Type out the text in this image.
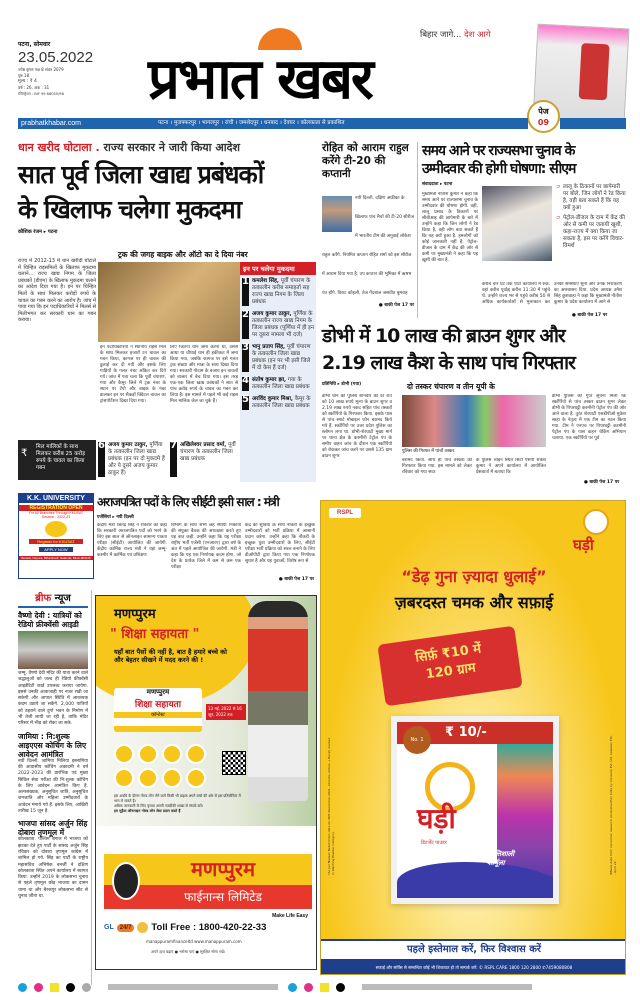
पटना, सोमवार
23.05.2022
ज्येष्ठ कृष्ण पक्ष 8 संवत 2079
पृष्ठ 18
मूल्य : ₹ 4
वर्ष : 26, अंक : 31
रजिस्ट्रेशन : BIF 99 66055/96	प्रभात खबर
बिहार जागे... देश आगे
पेज
09
prabhatkhabar.com	पटना । मुजफ्फरपुर । भागलपुर । रांची । जमशेदपुर । धनबाद । देवघर । कोलकाता से प्रकाशित
धान खरीद घोटाला . राज्य सरकार ने जारी किया आदेश
सात पूर्व जिला खाद्य प्रबंधकों
के खिलाफ चलेगा मुकदमा
कौशिक रंजन ▸ पटना
राज्य में 2012-13 में धान खरीदी घोटाले में चिन्हित राइसमिलों के खिलाफ मुकदमा चलाने... राज्य खाद्य निगम के जिला प्रबंधकों (डीएम) के खिलाफ मुकदमा चलाने का आदेश दिया गया है। इन पर चिन्हित मिलों के साथ मिलकर करोड़ों रुपये के चावल का गबन करने का आरोप है। जांच में पाया गया कि इन पदाधिकारियों ने मिलर्स से मिलीभगत कर सरकारी धान का गबन कराया।
ट्रक की जगह बाइक और ऑटो का दे दिया नंबर
इन पदाधिकारियों ने स्थानीय राइस मिल के साथ मिलकर हजारों टन चावल का गबन किया, कागज पर ही चावल की ढुलाई कर दी गयी और इसके लिए गाड़ियों के गलत नंबर अंकित कर दिये गये। जांच में पता चला कि पूर्वी चंपारण, गया और कैमूर जिले में ट्रक नंबर के स्थान पर टेंपो और बाइक के नंबर डालकर इन पर सैकड़ों क्विंटल चावल का ट्रांसपोर्टेशन दिखा दिया गया।
लिए जितना धान जमा करना था, उससे आधा या चौथाई धान ही हकीकत में जमा किया गया, जबकि कागज पर इसे गलत ट्रक संख्या और मात्रा के साथ दिखा दिया गया। सरकारी गोदाम के बजाय इन चावलों को बाजार में बेच दिया गया। इस तरह एक-एक जिला खाद्य प्रबंधकों ने सात से पांच करोड़ रुपये के चावल का गबन कर लिया है। इस मामले में पहले भी कई राइस मिल मालिक जेल जा चुके हैं।
इन पर चलेगा मुकदमा
1 कमलेश सिंह, पूर्वी चंपारण के तत्कालीन करीब समाहर्ता सह राज्य खाद्य निगम के जिला प्रबंधक
2 अजय कुमार ठाकुर, पूर्णिया के तत्कालीन राज्य खाद्य निगम के जिला प्रबंधक (पूर्णिया में ही इन पर दूसरा मामला भी दर्ज)
3 भानु प्रताप सिंह, पूर्वी चंपारण के तत्कालीन जिला खाद्य प्रबंधक (इन पर भी इसी जिले में दो केस हैं दर्ज)
4 संतोष कुमार झा, गया के तत्कालीन जिला खाद्य प्रबंधक
5 अरविंद कुमार मिश्रा, कैमूर के तत्कालीन जिला खाद्य प्रबंधक
6 अजय कुमार ठाकुर, पूर्णिया के तत्कालीन जिला खाद्य प्रबंधक (इन पर दो मुकदमे हैं और ये दूसरे अजय कुमार ठाकुर हैं)
7 अखिलेश्वर प्रसाद वर्मा, पूर्वी चंपारण के तत्कालीन जिला खाद्य प्रबंधक
₹
मिल मालिकों के साथ मिलकर करीब 25 करोड़ रुपये के चावल का किया गबन
रोहित को आराम राहुल करेंगे टी-20 की कप्तानी
नयी दिल्ली. दक्षिण अफ्रीका के खिलाफ पांच मैचों की टी-20 सीरीज में भारतीय टीम की अगुवाई लोकेश राहुल करेंगे. नियमित कप्तान रोहित शर्मा को इस सीरीज में आराम दिया गया है. उप कप्तान की भूमिका में ऋषभ पंत होंगे. विराट कोहली, तेज गेंदबाज जसप्रीत बुमराह
● बाकी पेज 17 पर
समय आने पर राज्यसभा चुनाव के
उम्मीदवार की होगी घोषणा: सीएम
संवाददाता ▸ पटना
मुख्यमंत्री नीतीश कुमार ने कहा कि समय आने पर राज्यसभा चुनाव के उम्मीदवार की घोषणा होगी. वहीं, लालू प्रसाद के ठिकानों पर सीबीआइ की छापेमारी के बारे में उन्होंने कहा कि जिन लोगों ने रेड किया है, वही लोग बता सकते हैं कि यह क्यों हुआ है. हमलोगों को कोई जानकारी नहीं है. पेट्रोल-डीजल के दाम में केंद्र की ओर से कमी पर मुख्यमंत्री ने कहा कि यह खुशी की बात है.
⊃ लालू के ठिकानों पर छापेमारी पर बोले, जिन लोगों ने रेड किया है, वही बता सकते हैं कि यह क्यों हुआ
⊃ पेट्रोल-डीजल के दाम में केंद्र की ओर से कमी पर जतायी खुशी, कहा-राज्य में क्या किया जा सकता है, इस पर करेंगे विचार-विमर्श
करीब चार घंटे तक पार्टी कार्यालय में रुके. वहां करीब पूर्वाह्न करीब 11:30 में पहुंचे थे. उन्होंने राज्य भर से पहुंचे करीब 50 से अधिक कार्यकर्ताओं से मुलाकात कर उनकी समस्याएं सुनी और उनके निराकरण का आश्वासन दिया. प्रदेश अध्यक्ष उमेश सिंह कुशवाहा ने कहा कि मुख्यमंत्री नीतीश कुमार के प्रदेश कार्यालय में आने से
● बाकी पेज 17 पर
डोभी में 10 लाख की ब्राउन शुगर और
2.19 लाख कैश के साथ पांच गिरफ्तार
प्रतिनिधि ▸ डोभी (गया)	दो तस्कर चंपारण व तीन यूपी के
डोभी थाने की पुलिस शनिवार की देर रात को 10 लाख रुपये मूल्य के ब्राउन शुगर व 2.19 लाख रुपये नकद सहित पांच तस्करों को स्कॉर्पियो के गिरफ्तार किया. इसके पास से पांच स्मार्ट मोबाइल फोन बरामद किये गये हैं. स्कॉर्पियो पर उत्तर प्रदेश पुलिस का स्लोगन लगा था. डोभी-शेरघाटी मुख्य मार्ग पर थाना क्षेत्र के करमौनी टेट्रोल पंप के समीप वाहन जांच के दौरान एक स्कॉर्पियो को रोककर जांच करने पर उससे 135 ग्राम ब्राउन शुगर
पुलिस की गिरफ्त में पांचों तस्कर.
बरामद किया. साथ ही पांच तस्करों को गिरफ्तार किया गया. इस मामले को लेकर रविवार को गया सदर
के पुलिस लाइन स्थित सिटी एसपी राकेश कुमार ने अपने कार्यालय में आयोजित प्रेसवार्ता में बताया कि
डोभी पुलिस को गुप्त सूचना मिली कि स्कॉर्पियो से पांच तस्कर ब्राउन शुगर लेकर डोभी के पिपरघट्टी करमौनी पेट्रोल पंप की ओर आने वाला है. तुरंत शेरघाटी एसडीपीओ मुकेश साहा के नेतृत्व में एक टीम का गठन किया गया. टीम ने एनएच पर पिपरघट्टी करमौनी पेट्रोल पंप के पास वाहन चेकिंग अभियान चलाया. एक स्कॉर्पियो पर पूर्व
● बाकी पेज 17 पर
K.K. UNIVERSITY
REGISTRATION OPEN
For All Branches Through KKUSAT
Session : 2022-23
Register for KKUSAT
APPLY NOW
Berauti, Nepura, Biharsharif, Nalanda, Bihar-803115
अराजपत्रित पदों के लिए सीईटी इसी साल : मंत्री
एजेंसियां ▸ नयी दिल्ली
केंद्रीय मंत्री जितेंद्र सिंह ने रविवार को कहा कि सरकारी अराजपत्रित पदों को भरने के लिए इस साल से ऑनलाइन सामान्य पात्रता परीक्षा (सीईटी) आयोजित की जायेगी. केंद्रीय कार्मिक राज्य मंत्री ने यहां जम्मू-कश्मीर में कार्मिक एवं प्रशिक्षण
विभाग के साथ सभी छह स्थायी निकायों की संयुक्त बैठक की अध्यक्षता करते हुए यह बात कही. उन्होंने कहा कि यह परीक्षा राष्ट्रीय भर्ती एजेंसी (एनआरए) द्वारा वर्ष के अंत में पहले आयोजित की जायेगी. मंत्री ने कहा कि यह एक निर्णायक कदम होगा, जो देश के प्रत्येक जिले में कम से कम एक परीक्षा
केंद्र की सुविधा के साथ नौकरी के इच्छुक उम्मीदवारों को भर्ती प्रक्रिया में आसानी प्रदान करेगा. उन्होंने कहा कि नौकरी के इच्छुक युवा उम्मीदवारों के लिए, सीईटी परीक्षा भर्ती प्रक्रिया को सरल बनाने के लिए डीओपीटी द्वारा किया गया एक निर्णायक सुधार है और यह युवाओं, विशेष रूप से
● बाकी पेज 17 पर
ब्रीफ न्यूज
वैष्णो देवी : यात्रियों को रेडियो फ्रीक्वेंसी आइडी
जम्मू. वैष्णो देवी मंदिर की यात्रा करने वाले श्रद्धालुओं को जल्द ही रेडियो फ्रीक्वेंसी आइडेंटिटी कार्ड उपलब्ध कराया जायेगा. इससे उनकी आवाजाही पर नजर रखी जा सकेगी और आपात स्थिति में आवश्यक कदम उठाये जा सकेंगे. 2,000 यात्रियों को ठहराने वाले दुर्गा भवन के निर्माण में भी तेजी लायी जा रही है, ताकि मंदिर परिसर में भीड़ को रोका जा सके.
जामिया : नि:शुल्क आइएएस कोचिंग के लिए आवेदन आमंत्रित
नयी दिल्ली. जामिया मिलिया इस्लामिया की आवासीय कोचिंग अकादमी ने वर्ष 2022-2023 की प्रारंभिक एवं मुख्य सिविल सेवा परीक्षा की नि:शुल्क कोचिंग के लिए आवेदन आमंत्रित किए हैं. अल्पसंख्यक, अनुसूचित जाति, अनुसूचित जनजाति और महिला उम्मीदवारों के आवेदन मंगाये गये हैं. इसके लिए, आखिरी तारीख 15 जून है.
भाजपा सांसद अर्जुन सिंह दोबारा तृणमूल में
कोलकाता. पश्चिम बंगाल में भाजपा को झटका देते हुए पार्टी के सांसद अर्जुन सिंह रविवार को दोबारा तृणमूल कांग्रेस में शामिल हो गये. सिंह का पार्टी के राष्ट्रीय महासचिव अभिषेक बनर्जी ने दक्षिण कोलकाता स्थित अपने कार्यालय में स्वागत किया. उन्होंने 2019 के लोकसभा चुनाव से पहले तृणमूल छोड़ भाजपा का दामन थामा था और बैरकपुर लोकसभा सीट से चुनाव जीता था.
मणप्पुरम
" शिक्षा सहायता "
यहाँ बात पैसों की नहीं है, बात है हमारे बच्चे को और बेहतर सीखने में मदद करने की !
मणप्पुरम
शिक्षा सहायता
कॉन्टेस्ट
13 मई, 2022 से 16 जून, 2022 तक
इस अवधि के दौरान गोल्ड लोन लेने वाले किसी भी ग्राहक अपने बच्चे की ओर से इस प्रतियोगिता में भाग ले सकते हैं।
अधिक जानकारी के लिए कृपया अपनी नज़दीकी शाखा से संपर्क करें।
हम मुहैया ऑनलाइन गोल्ड लोन सेवा प्रदान करते हैं
मणप्पुरम
फाईनान्स लिमिटेड
Make Life Easy
GL	24/7	Toll Free : 1800-420-22-33
manappuramfinanceltd www.manappuram.com
अपने हाथ बढ़ाएं ● भरोसा पाएं ● सुरक्षित सोना रखें।
RSPL
घड़ी
“डेढ़ गुना ज़्यादा धुलाई”
ज़बरदस्त चमक और सफ़ाई
सिर्फ़ ₹10 में
120 ग्राम
₹ 10/-
No. 1
घड़ी
डिटर्जेंट पाउडर
महाशक्तिशाली
फार्मूला
*As per Nielsen Retail Index data for MAT December 2021. All India (Urban + Rural) market in Washing Powder Category.	#Basis data from consumer research conducted Pan India by Consiere Pvt. Ltd. between Feb - April 22.
पहले इस्तेमाल करें, फिर विश्वास करें
सफाई और सर्विस से सम्बन्धित कोई भी शिकायत हो तो सम्पर्क करें: © RSPL CARE 1800 120 2800 ✆7459080808
